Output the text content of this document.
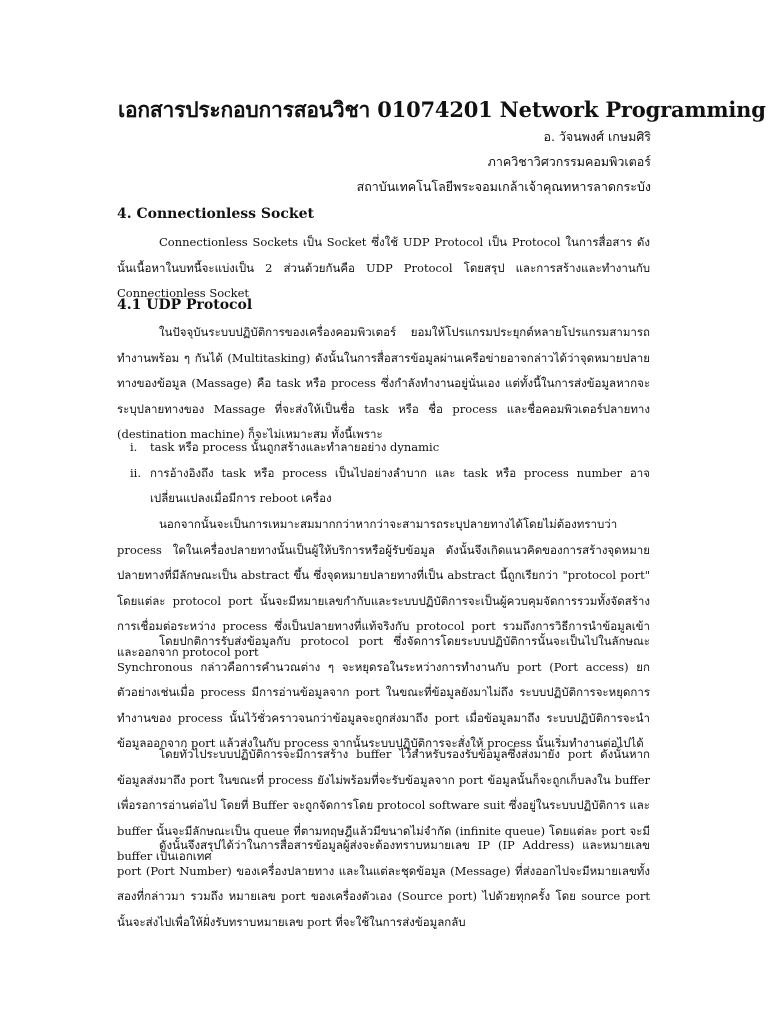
เอกสารประกอบการสอนวิชา 01074201 Network Programming
อ. วัจนพงศ์ เกษมศิริ
ภาควิชาวิศวกรรมคอมพิวเตอร์
สถาบันเทคโนโลยีพระจอมเกล้าเจ้าคุณทหารลาดกระบัง
4. Connectionless Socket

Connectionless Sockets เป็น Socket ซึ่งใช้ UDP Protocol เป็น Protocol ในการสื่อสาร ดังนั้นเนื้อหาในบทนี้จะแบ่งเป็น 2 ส่วนด้วยกันคือ UDP Protocol โดยสรุป และการสร้างและทำงานกับ Connectionless Socket

4.1 UDP Protocol

ในปัจจุบันระบบปฏิบัติการของเครื่องคอมพิวเตอร์ ยอมให้โปรแกรมประยุกต์หลายโปรแกรมสามารถทำงานพร้อม ๆ กันได้ (Multitasking) ดังนั้นในการสื่อสารข้อมูลผ่านเครือข่ายอาจกล่าวได้ว่าจุดหมายปลายทางของข้อมูล (Massage) คือ task หรือ process ซึ่งกำลังทำงานอยู่นั่นเอง แต่ทั้งนี้ในการส่งข้อมูลหากจะระบุปลายทางของ Massage ที่จะส่งให้เป็นชื่อ task หรือ ชื่อ process และชื่อคอมพิวเตอร์ปลายทาง (destination machine) ก็จะไม่เหมาะสม ทั้งนี้เพราะ

i. task หรือ process นั้นถูกสร้างและทำลายอย่าง dynamic
ii. การอ้างอิงถึง task หรือ process เป็นไปอย่างลำบาก และ task หรือ process number อาจเปลี่ยนแปลงเมื่อมีการ reboot เครื่อง

นอกจากนั้นจะเป็นการเหมาะสมมากกว่าหากว่าจะสามารถระบุปลายทางได้โดยไม่ต้องทราบว่า process ใดในเครื่องปลายทางนั้นเป็นผู้ให้บริการหรือผู้รับข้อมูล ดังนั้นจึงเกิดแนวคิดของการสร้างจุดหมายปลายทางที่มีลักษณะเป็น abstract ขึ้น ซึ่งจุดหมายปลายทางที่เป็น abstract นี้ถูกเรียกว่า "protocol port" โดยแต่ละ protocol port นั้นจะมีหมายเลขกำกับและระบบปฏิบัติการจะเป็นผู้ควบคุมจัดการรวมทั้งจัดสร้างการเชื่อมต่อระหว่าง process ซึ่งเป็นปลายทางที่แท้จริงกับ protocol port รวมถึงการวิธีการนำข้อมูลเข้าและออกจาก protocol port

โดยปกติการรับส่งข้อมูลกับ protocol port ซึ่งจัดการโดยระบบปฏิบัติการนั้นจะเป็นไปในลักษณะ Synchronous กล่าวคือการคำนวณต่าง ๆ จะหยุดรอในระหว่างการทำงานกับ port (Port access) ยกตัวอย่างเช่นเมื่อ process มีการอ่านข้อมูลจาก port ในขณะที่ข้อมูลยังมาไม่ถึง ระบบปฏิบัติการจะหยุดการทำงานของ process นั้นไว้ชั่วคราวจนกว่าข้อมูลจะถูกส่งมาถึง port เมื่อข้อมูลมาถึง ระบบปฏิบัติการจะนำข้อมูลออกจาก port แล้วส่งในกับ process จากนั้นระบบปฏิบัติการจะสั่งให้ process นั้นเริ่มทำงานต่อไปได้

โดยทั่วไประบบปฏิบัติการจะมีการสร้าง buffer ไว้สำหรับรองรับข้อมูลซึ่งส่งมายัง port ดังนั้นหากข้อมูลส่งมาถึง port ในขณะที่ process ยังไม่พร้อมที่จะรับข้อมูลจาก port ข้อมูลนั้นก็จะถูกเก็บลงใน buffer เพื่อรอการอ่านต่อไป โดยที่ Buffer จะถูกจัดการโดย protocol software suit ซึ่งอยู่ในระบบปฏิบัติการ และ buffer นั้นจะมีลักษณะเป็น queue ที่ตามทฤษฎีแล้วมีขนาดไม่จำกัด (infinite queue) โดยแต่ละ port จะมี buffer เป็นเอกเทศ

ดังนั้นจึงสรุปได้ว่าในการสื่อสารข้อมูลผู้ส่งจะต้องทราบหมายเลข IP (IP Address) และหมายเลข port (Port Number) ของเครื่องปลายทาง และในแต่ละชุดข้อมูล (Message) ที่ส่งออกไปจะมีหมายเลขทั้งสองที่กล่าวมา รวมถึง หมายเลข port ของเครื่องตัวเอง (Source port) ไปด้วยทุกครั้ง โดย source port นั้นจะส่งไปเพื่อให้ฝั่งรับทราบหมายเลข port ที่จะใช้ในการส่งข้อมูลกลับ
